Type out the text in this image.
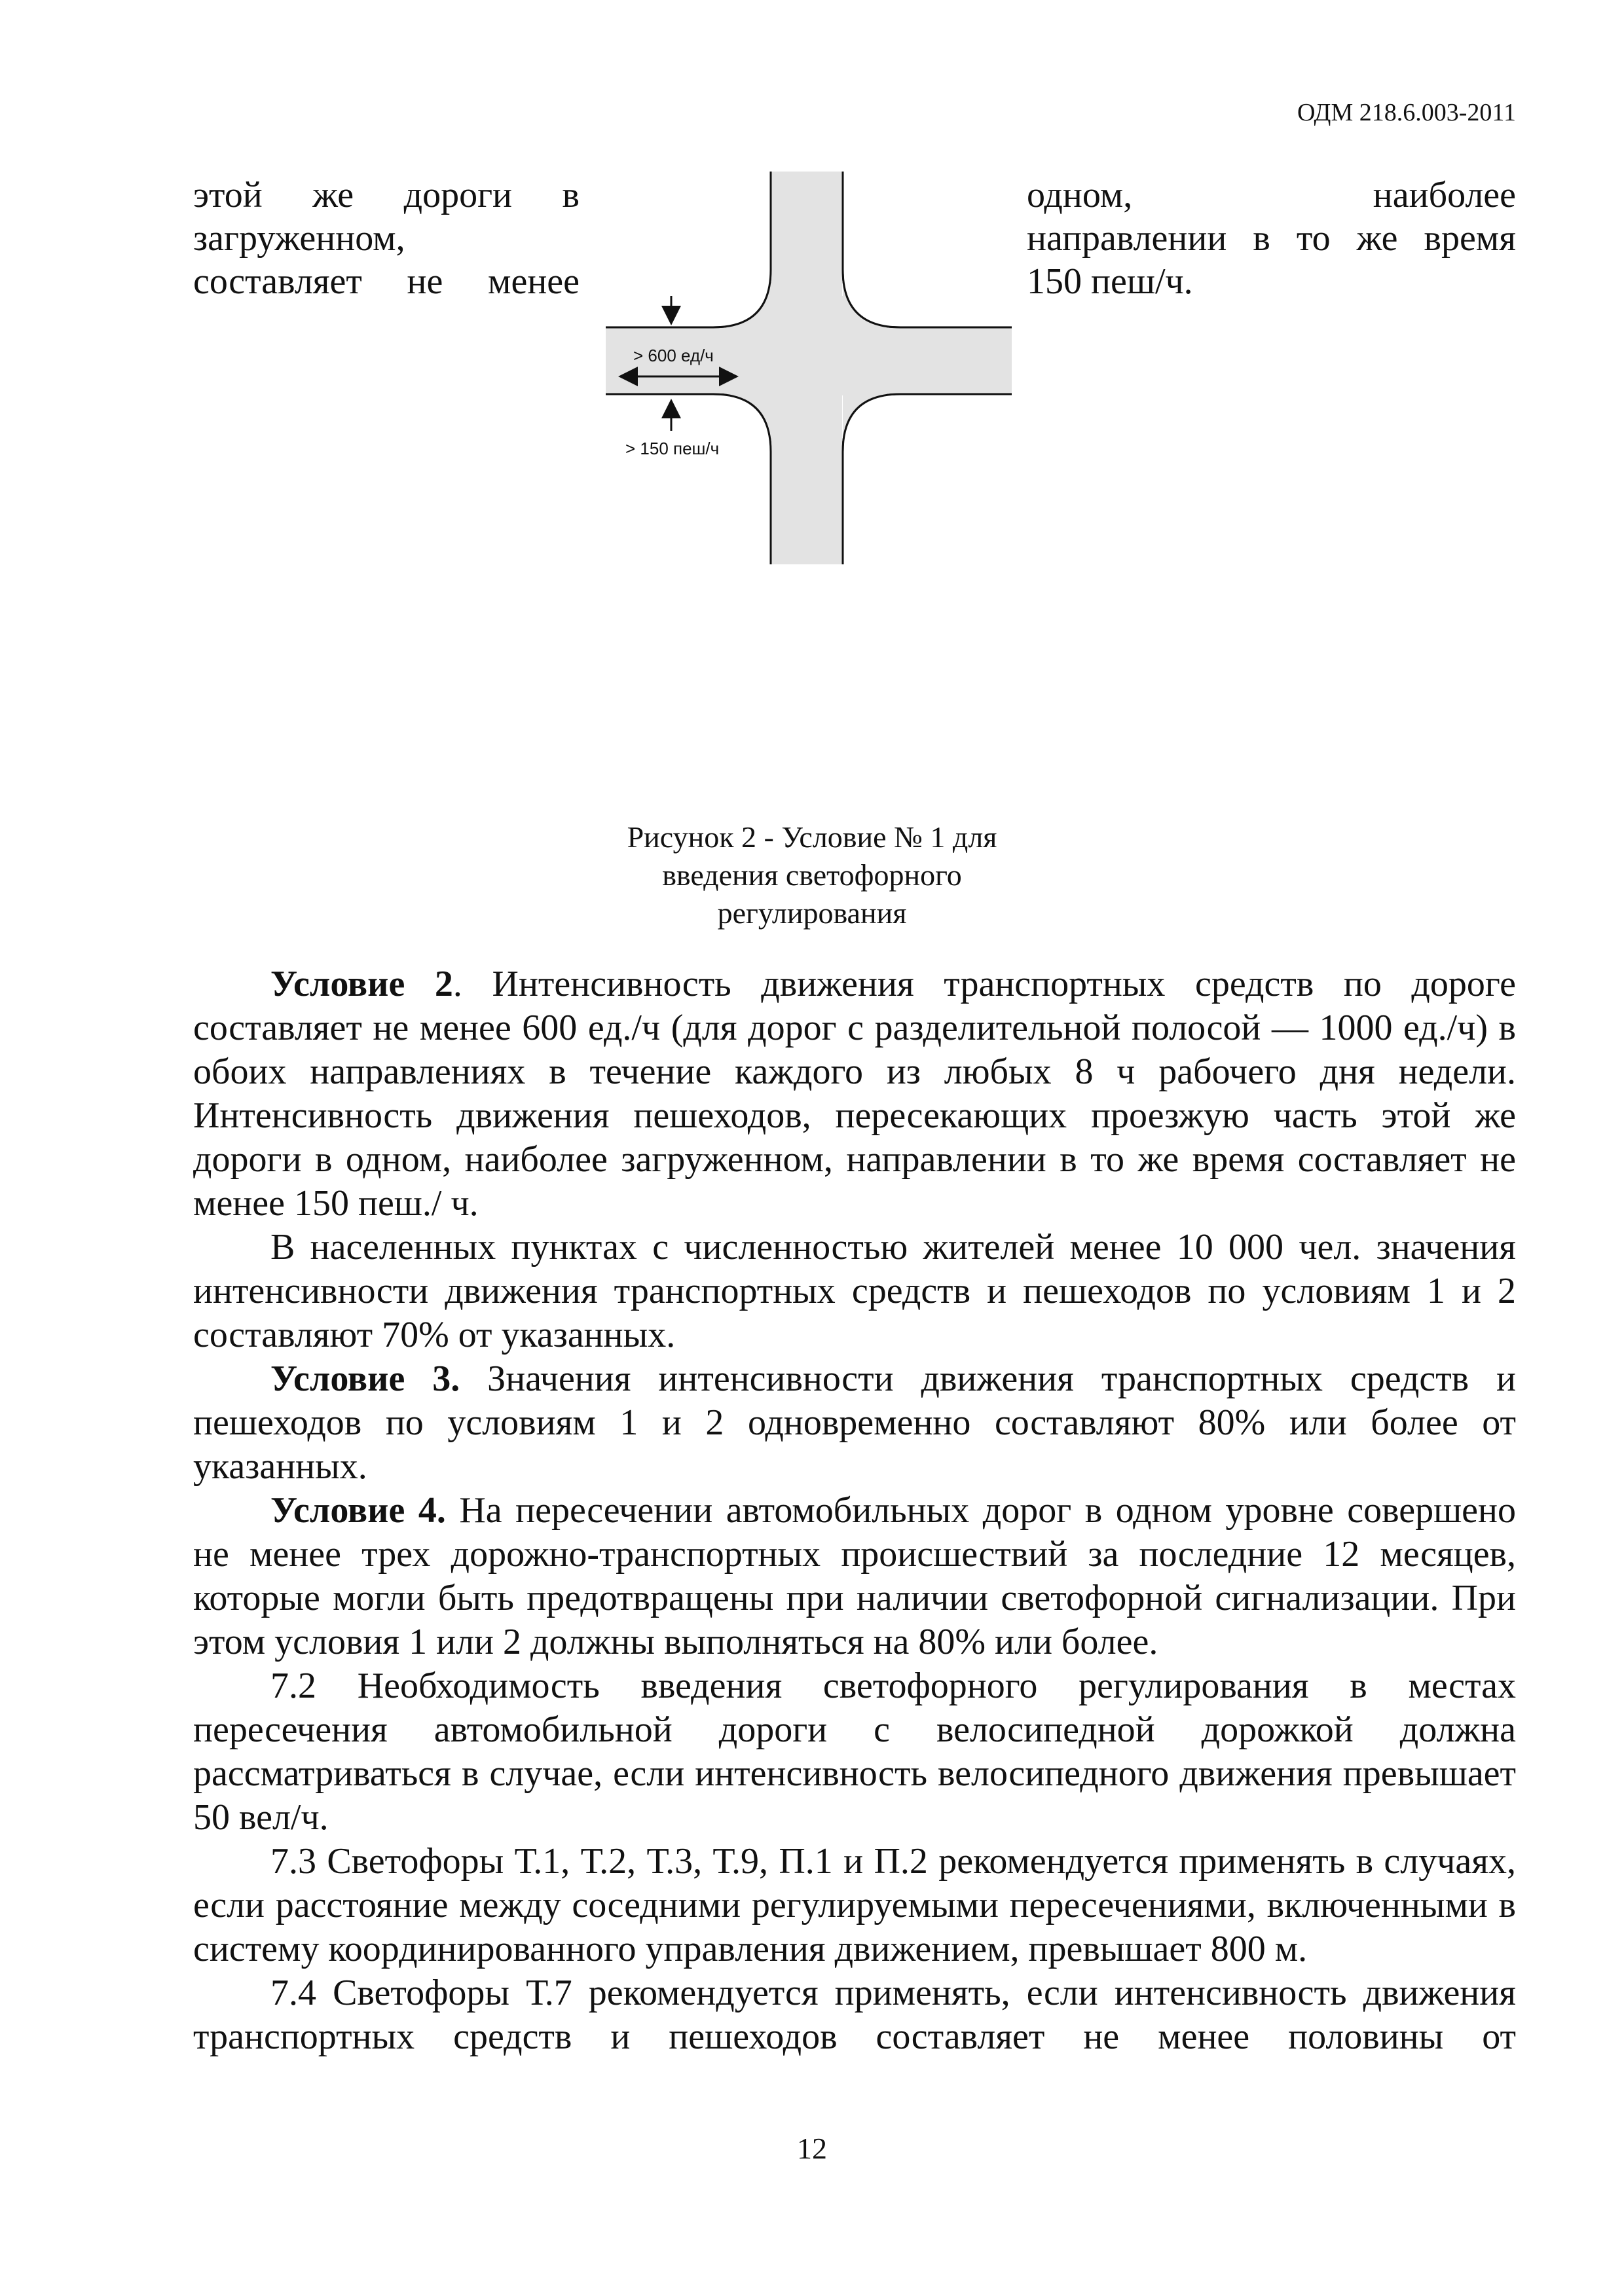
ОДМ 218.6.003-2011
этой же дороги в
загруженном,
составляет не менее
одном, наиболее
направлении в то же время
150 пеш/ч.
> 600 ед/ч
> 150 пеш/ч
Рисунок 2 - Условие № 1 для
введения светофорного
регулирования

Условие 2. Интенсивность движения транспортных средств по дороге составляет не менее 600 ед./ч (для дорог с разделительной полосой — 1000 ед./ч) в обоих направлениях в течение каждого из любых 8 ч рабочего дня недели. Интенсивность движения пешеходов, пересекающих проезжую часть этой же дороги в одном, наиболее загруженном, направлении в то же время составляет не менее 150 пеш./ ч.

В населенных пунктах с численностью жителей менее 10 000 чел. значения интенсивности движения транспортных средств и пешеходов по условиям 1 и 2 составляют 70% от указанных.

Условие 3. Значения интенсивности движения транспортных средств и пешеходов по условиям 1 и 2 одновременно составляют 80% или более от указанных.

Условие 4. На пересечении автомобильных дорог в одном уровне совершено не менее трех дорожно-транспортных происшествий за последние 12 месяцев, которые могли быть предотвращены при наличии светофорной сигнализации. При этом условия 1 или 2 должны выполняться на 80% или более.

7.2 Необходимость введения светофорного регулирования в местах пересечения автомобильной дороги с велосипедной дорожкой должна рассматриваться в случае, если интенсивность велосипедного движения превышает 50 вел/ч.

7.3 Светофоры Т.1, Т.2, Т.3, Т.9, П.1 и П.2 рекомендуется применять в случаях, если расстояние между соседними регулируемыми пересечениями, включенными в систему координированного управления движением, превышает 800 м.

7.4 Светофоры Т.7 рекомендуется применять, если интенсивность движения транспортных средств и пешеходов составляет не менее половины от

12
